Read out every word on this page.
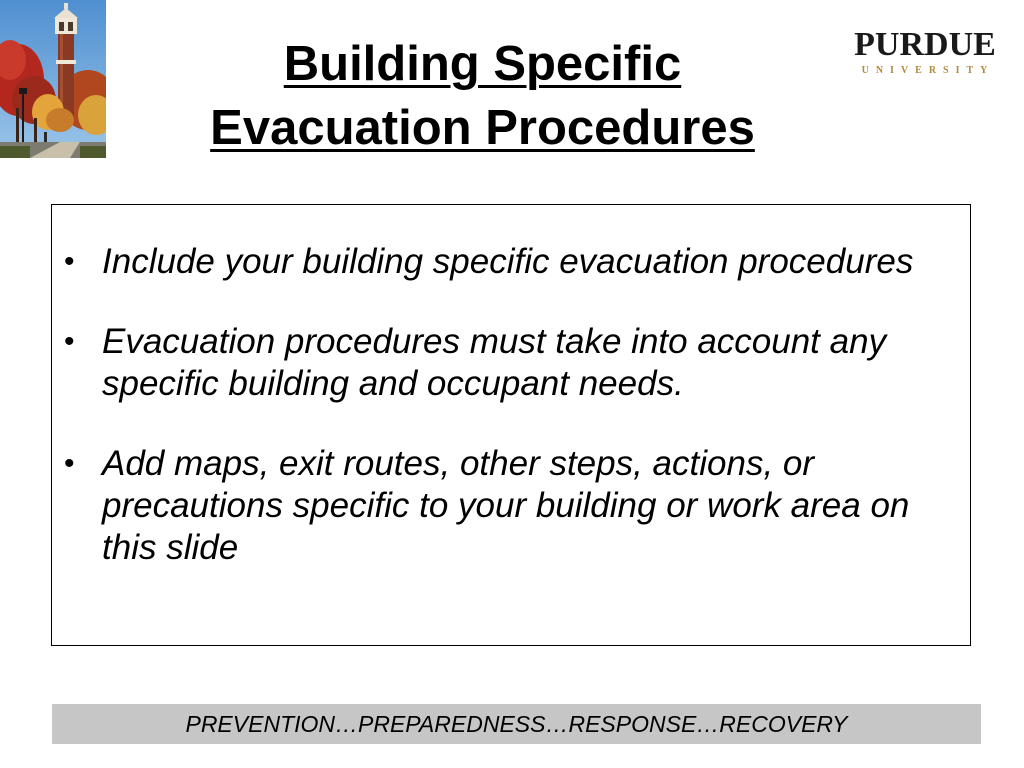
Building Specific
Evacuation Procedures
PURDUE
UNIVERSITY
• Include your building specific evacuation procedures
• Evacuation procedures must take into account any specific building and occupant needs.
• Add maps, exit routes, other steps, actions, or precautions specific to your building or work area on this slide
PREVENTION…PREPAREDNESS…RESPONSE…RECOVERY
